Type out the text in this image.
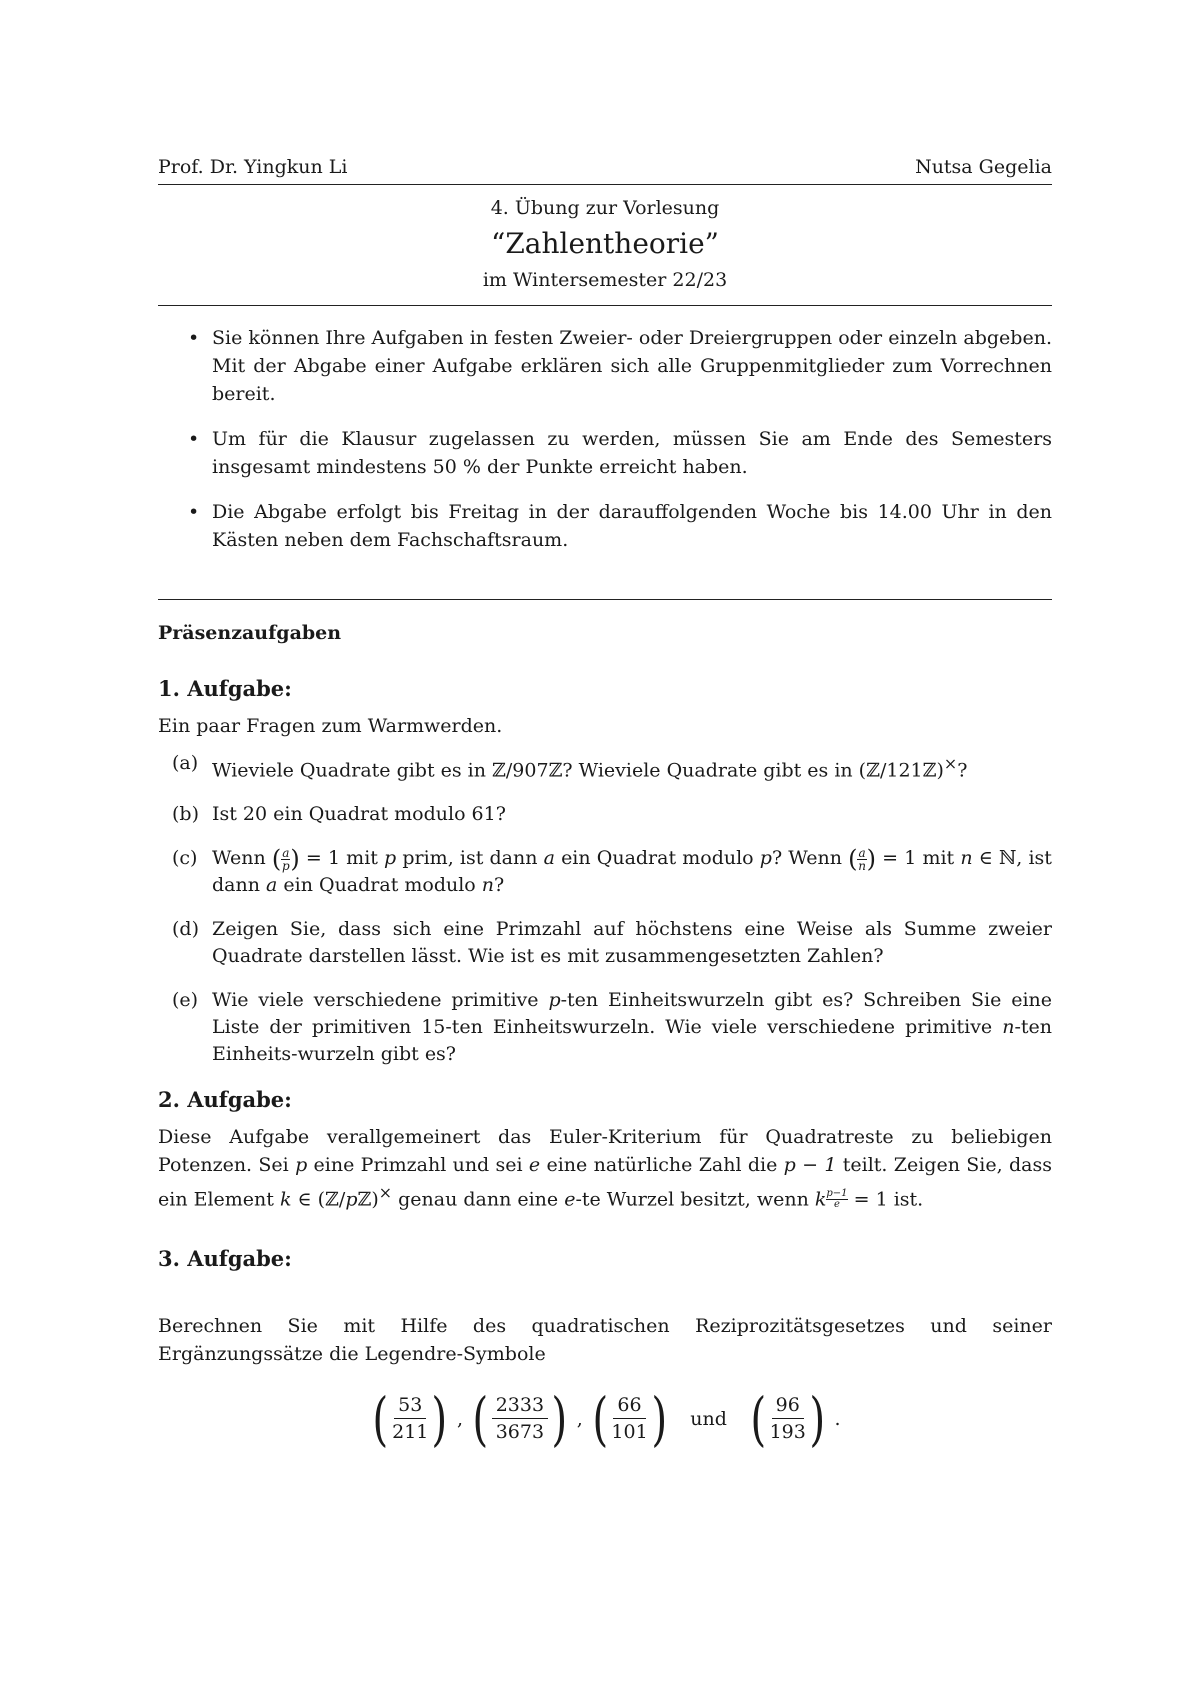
Prof. Dr. Yingkun Li	Nutsa Gegelia
4. Übung zur Vorlesung
“Zahlentheorie”
im Wintersemester 22/23
• Sie können Ihre Aufgaben in festen Zweier- oder Dreiergruppen oder einzeln abgeben. Mit der Abgabe einer Aufgabe erklären sich alle Gruppenmitglieder zum Vorrechnen bereit.
• Um für die Klausur zugelassen zu werden, müssen Sie am Ende des Semesters insgesamt mindestens 50 % der Punkte erreicht haben.
• Die Abgabe erfolgt bis Freitag in der darauffolgenden Woche bis 14.00 Uhr in den Kästen neben dem Fachschaftsraum.
Präsenzaufgaben
1. Aufgabe:

Ein paar Fragen zum Warmwerden.

(a) Wieviele Quadrate gibt es in ℤ/907ℤ? Wieviele Quadrate gibt es in (ℤ/121ℤ)×?
(b) Ist 20 ein Quadrat modulo 61?
(c) Wenn ( $\frac{a}{p}$ ) = 1 mit p prim, ist dann a ein Quadrat modulo p? Wenn ( $\frac{a}{n}$ ) = 1 mit n ∈ ℕ, ist dann a ein Quadrat modulo n?
(d) Zeigen Sie, dass sich eine Primzahl auf höchstens eine Weise als Summe zweier Quadrate darstellen lässt. Wie ist es mit zusammengesetzten Zahlen?
(e) Wie viele verschiedene primitive p-ten Einheitswurzeln gibt es? Schreiben Sie eine Liste der primitiven 15-ten Einheitswurzeln. Wie viele verschiedene primitive n-ten Einheits-wurzeln gibt es?
2. Aufgabe:

Diese Aufgabe verallgemeinert das Euler-Kriterium für Quadratreste zu beliebigen Potenzen. Sei p eine Primzahl und sei e eine natürliche Zahl die p − 1 teilt. Zeigen Sie, dass ein Element k ∈ (ℤ/pℤ)× genau dann eine e-te Wurzel besitzt, wenn k $\frac{p-1}{e} = 1$ ist.

3. Aufgabe:

Berechnen Sie mit Hilfe des quadratischen Reziprozitätsgesetzes und seiner Ergänzungssätze die Legendre-Symbole

( $\frac{53}{211}$ ) , ( $\frac{2333}{3673}$ ) , ( $\frac{66}{101}$ ) und ( $\frac{96}{193}$ ) .
